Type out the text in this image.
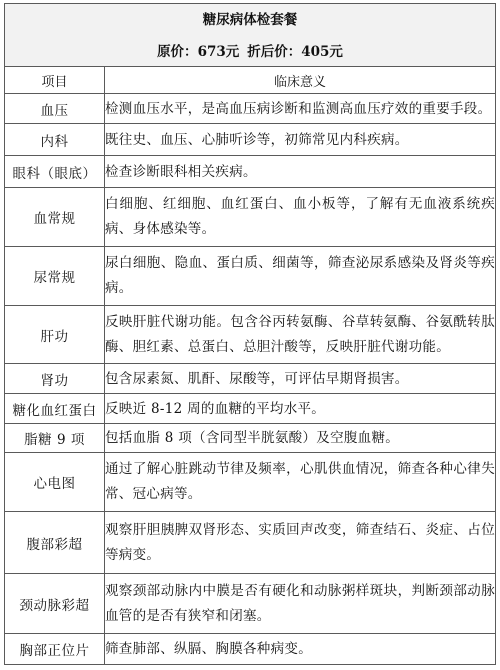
糖尿病体检套餐
原价：673元 折后价：405元	

项目	临床意义
血压	检测血压水平，是高血压病诊断和监测高血压疗效的重要手段。
内科	既往史、血压、心肺听诊等，初筛常见内科疾病。
眼科（眼底）	检查诊断眼科相关疾病。
血常规	白细胞、红细胞、血红蛋白、血小板等，了解有无血液系统疾病、身体感染等。
尿常规	尿白细胞、隐血、蛋白质、细菌等，筛查泌尿系感染及肾炎等疾病。
肝功	反映肝脏代谢功能。包含谷丙转氨酶、谷草转氨酶、谷氨酰转肽酶、胆红素、总蛋白、总胆汁酸等，反映肝脏代谢功能。
肾功	包含尿素氮、肌酐、尿酸等，可评估早期肾损害。
糖化血红蛋白	反映近 8-12 周的血糖的平均水平。
脂糖 9 项	包括血脂 8 项（含同型半胱氨酸）及空腹血糖。
心电图	通过了解心脏跳动节律及频率，心肌供血情况，筛查各种心律失常、冠心病等。
腹部彩超	观察肝胆胰脾双肾形态、实质回声改变，筛查结石、炎症、占位等病变。
颈动脉彩超	观察颈部动脉内中膜是否有硬化和动脉粥样斑块，判断颈部动脉血管的是否有狭窄和闭塞。
胸部正位片	筛查肺部、纵膈、胸膜各种病变。
